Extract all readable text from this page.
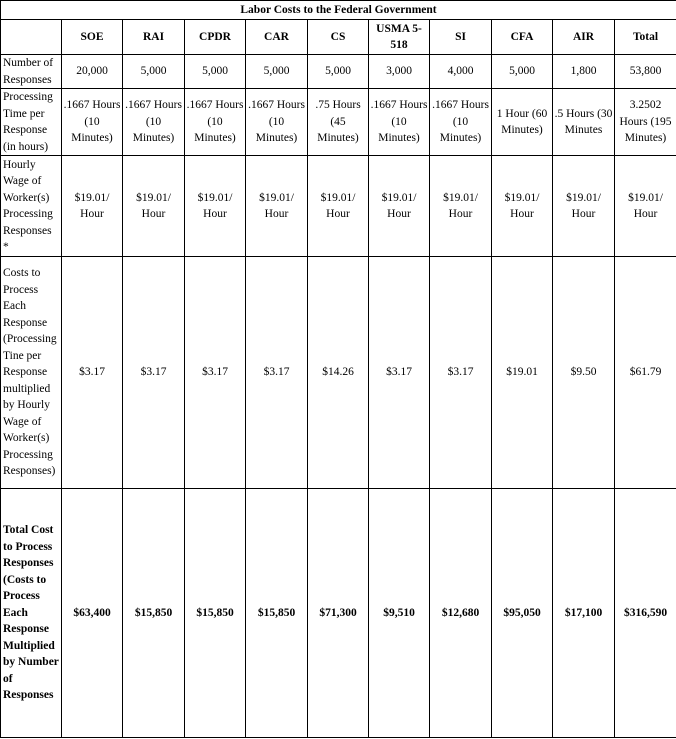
Labor Costs to the Federal Government										
	SOE	RAI	CPDR	CAR	CS	USMA 5-518	SI	CFA	AIR	Total
Number of Responses	20,000	5,000	5,000	5,000	5,000	3,000	4,000	5,000	1,800	53,800
Processing Time per Response (in hours)	.1667 Hours (10 Minutes)	.1667 Hours (10 Minutes)	.1667 Hours (10 Minutes)	.1667 Hours (10 Minutes)	.75 Hours (45 Minutes)	.1667 Hours (10 Minutes)	.1667 Hours (10 Minutes)	1 Hour (60 Minutes)	.5 Hours (30 Minutes	3.2502 Hours (195 Minutes)
Hourly Wage of Worker(s) Processing Responses *	$19.01/ Hour	$19.01/ Hour	$19.01/ Hour	$19.01/ Hour	$19.01/ Hour	$19.01/ Hour	$19.01/ Hour	$19.01/ Hour	$19.01/ Hour	$19.01/ Hour
Costs to Process Each Response (Processing Tine per Response multiplied by Hourly Wage of Worker(s) Processing Responses)	$3.17	$3.17	$3.17	$3.17	$14.26	$3.17	$3.17	$19.01	$9.50	$61.79
Total Cost to Process Responses (Costs to Process Each Response Multiplied by Number of Responses	$63,400	$15,850	$15,850	$15,850	$71,300	$9,510	$12,680	$95,050	$17,100	$316,590
